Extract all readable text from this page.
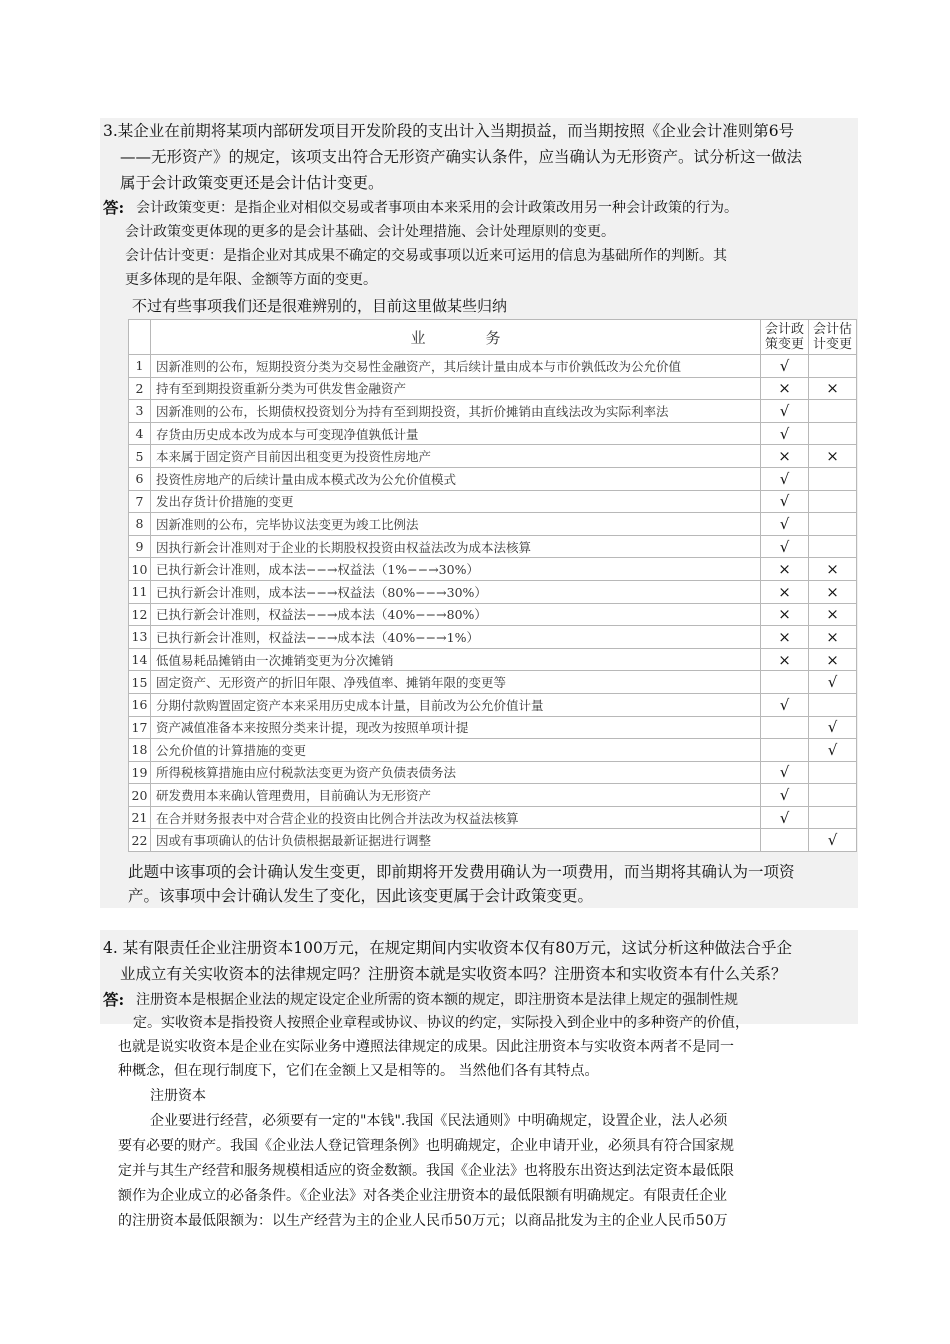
3.某企业在前期将某项内部研发项目开发阶段的支出计入当期损益，而当期按照《企业会计准则第6号
——无形资产》的规定，该项支出符合无形资产确实认条件，应当确认为无形资产。试分析这一做法
属于会计政策变更还是会计估计变更。
答: 会计政策变更：是指企业对相似交易或者事项由本来采用的会计政策改用另一种会计政策的行为。
会计政策变更体现的更多的是会计基础、会计处理措施、会计处理原则的变更。
会计估计变更：是指企业对其成果不确定的交易或事项以近来可运用的信息为基础所作的判断。其
更多体现的是年限、金额等方面的变更。
不过有些事项我们还是很难辨别的，目前这里做某些归纳
	业　　　　务	会计政策变更	会计估计变更
1	因新准则的公布，短期投资分类为交易性金融资产，其后续计量由成本与市价孰低改为公允价值	√	
2	持有至到期投资重新分类为可供发售金融资产	×	×
3	因新准则的公布，长期债权投资划分为持有至到期投资，其折价摊销由直线法改为实际利率法	√	
4	存货由历史成本改为成本与可变现净值孰低计量	√	
5	本来属于固定资产目前因出租变更为投资性房地产	×	×
6	投资性房地产的后续计量由成本模式改为公允价值模式	√	
7	发出存货计价措施的变更	√	
8	因新准则的公布，完毕协议法变更为竣工比例法	√	
9	因执行新会计准则对于企业的长期股权投资由权益法改为成本法核算	√	
10	已执行新会计准则，成本法−−→权益法（1%−−→30%）	×	×
11	已执行新会计准则，成本法−−→权益法（80%−−→30%）	×	×
12	已执行新会计准则，权益法−−→成本法（40%−−→80%）	×	×
13	已执行新会计准则，权益法−−→成本法（40%−−→1%）	×	×
14	低值易耗品摊销由一次摊销变更为分次摊销	×	×
15	固定资产、无形资产的折旧年限、净残值率、摊销年限的变更等		√
16	分期付款购置固定资产本来采用历史成本计量，目前改为公允价值计量	√	
17	资产减值准备本来按照分类来计提，现改为按照单项计提		√
18	公允价值的计算措施的变更		√
19	所得税核算措施由应付税款法变更为资产负债表债务法	√	
20	研发费用本来确认管理费用，目前确认为无形资产	√	
21	在合并财务报表中对合营企业的投资由比例合并法改为权益法核算	√	
22	因或有事项确认的估计负债根据最新证据进行调整		√
此题中该事项的会计确认发生变更，即前期将开发费用确认为一项费用，而当期将其确认为一项资
产。该事项中会计确认发生了变化，因此该变更属于会计政策变更。
4. 某有限责任企业注册资本100万元，在规定期间内实收资本仅有80万元，这试分析这种做法合乎企
业成立有关实收资本的法律规定吗？注册资本就是实收资本吗？注册资本和实收资本有什么关系？
答: 注册资本是根据企业法的规定设定企业所需的资本额的规定，即注册资本是法律上规定的强制性规
定。实收资本是指投资人按照企业章程或协议、协议的约定，实际投入到企业中的多种资产的价值，
也就是说实收资本是企业在实际业务中遵照法律规定的成果。因此注册资本与实收资本两者不是同一
种概念，但在现行制度下，它们在金额上又是相等的。 当然他们各有其特点。
注册资本
企业要进行经营，必须要有一定的"本钱".我国《民法通则》中明确规定，设置企业，法人必须
要有必要的财产。我国《企业法人登记管理条例》也明确规定，企业申请开业，必须具有符合国家规
定并与其生产经营和服务规模相适应的资金数额。我国《企业法》也将股东出资达到法定资本最低限
额作为企业成立的必备条件。《企业法》对各类企业注册资本的最低限额有明确规定。有限责任企业
的注册资本最低限额为：以生产经营为主的企业人民币50万元；以商品批发为主的企业人民币50万
